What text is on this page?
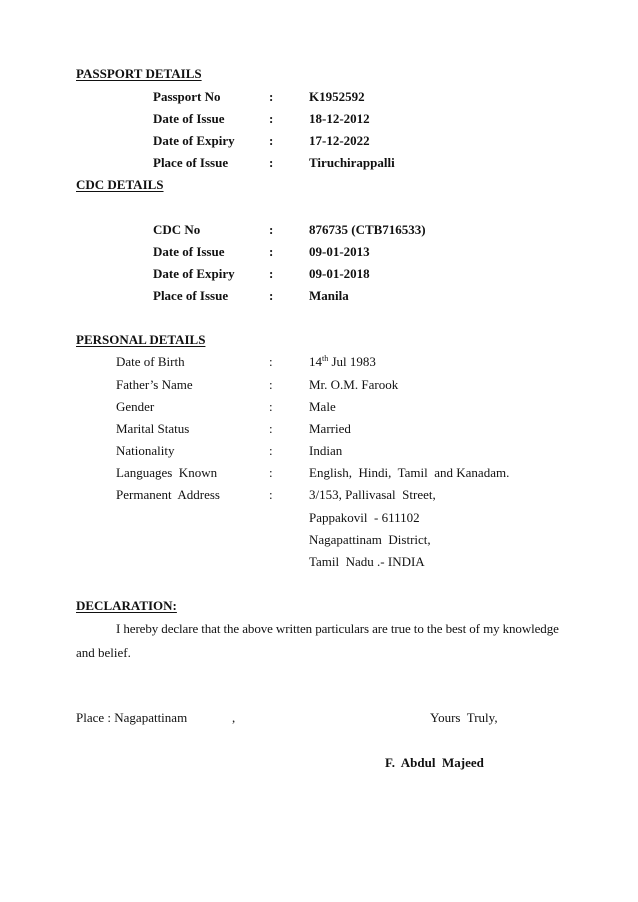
PASSPORT DETAILS
Passport No	:	K1952592
Date of Issue	:	18-12-2012
Date of Expiry	:	17-12-2022
Place of Issue	:	Tiruchirappalli
CDC DETAILS
CDC No	:	876735 (CTB716533)
Date of Issue	:	09-01-2013
Date of Expiry	:	09-01-2018
Place of Issue	:	Manila
PERSONAL DETAILS
Date of Birth	:	14th Jul 1983
Father’s Name	:	Mr. O.M. Farook
Gender	:	Male
Marital Status	:	Married
Nationality	:	Indian
Languages  Known	:	English,  Hindi,  Tamil  and Kanadam.
Permanent  Address	:	3/153, Pallivasal  Street,
Pappakovil  - 611102
Nagapattinam  District,
Tamil  Nadu .- INDIA
DECLARATION:
I hereby declare that the above written particulars are true to the best of my knowledge
and belief.
Place : Nagapattinam	,	Yours  Truly,
F.  Abdul  Majeed
